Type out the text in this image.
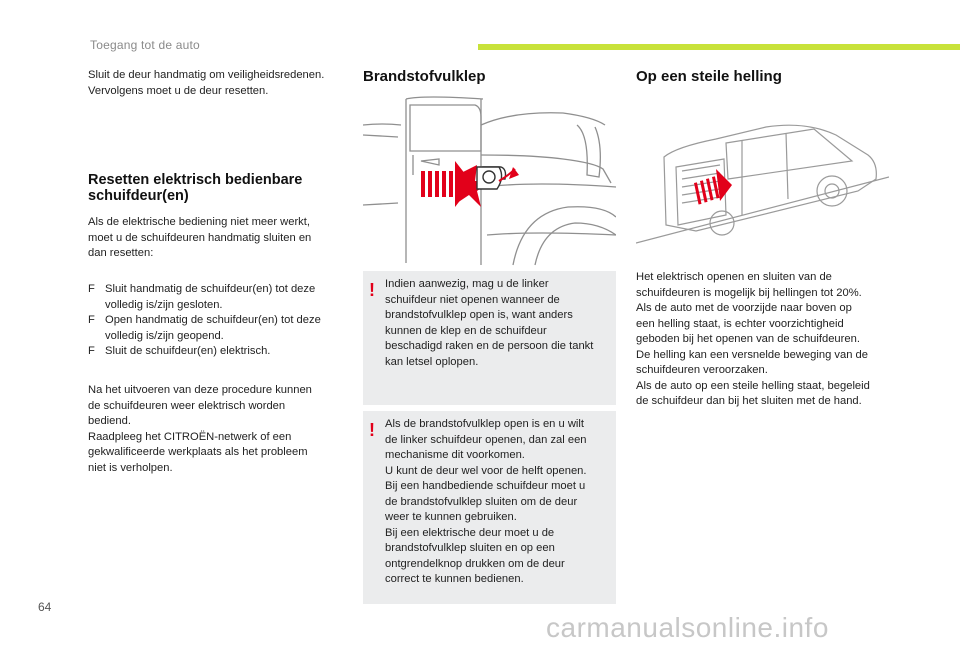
Toegang tot de auto

Sluit de deur handmatig om veiligheidsredenen.

Vervolgens moet u de deur resetten.

Resetten elektrisch bedienbare

schuifdeur(en)

Als de elektrische bediening niet meer werkt,

moet u de schuifdeuren handmatig sluiten en

dan resetten:

F Sluit handmatig de schuifdeur(en) tot deze
volledig is/zijn gesloten.
F Open handmatig de schuifdeur(en) tot deze
volledig is/zijn geopend.
F Sluit de schuifdeur(en) elektrisch.

Na het uitvoeren van deze procedure kunnen

de schuifdeuren weer elektrisch worden

bediend.

Raadpleeg het CITROËN-netwerk of een

gekwalificeerde werkplaats als het probleem

niet is verholpen.

Brandstofvulklep
! Indien aanwezig, mag u de linker
schuifdeur niet openen wanneer de
brandstofvulklep open is, want anders
kunnen de klep en de schuifdeur
beschadigd raken en de persoon die tankt
kan letsel oplopen.
! Als de brandstofvulklep open is en u wilt
de linker schuifdeur openen, dan zal een
mechanisme dit voorkomen.
U kunt de deur wel voor de helft openen.
Bij een handbediende schuifdeur moet u
de brandstofvulklep sluiten om de deur
weer te kunnen gebruiken.
Bij een elektrische deur moet u de
brandstofvulklep sluiten en op een
ontgrendelknop drukken om de deur
correct te kunnen bedienen.
Op een steile helling

Het elektrisch openen en sluiten van de

schuifdeuren is mogelijk bij hellingen tot 20%.

Als de auto met de voorzijde naar boven op

een helling staat, is echter voorzichtigheid

geboden bij het openen van de schuifdeuren.

De helling kan een versnelde beweging van de

schuifdeuren veroorzaken.

Als de auto op een steile helling staat, begeleid

de schuifdeur dan bij het sluiten met de hand.

64
carmanualsonline.info
